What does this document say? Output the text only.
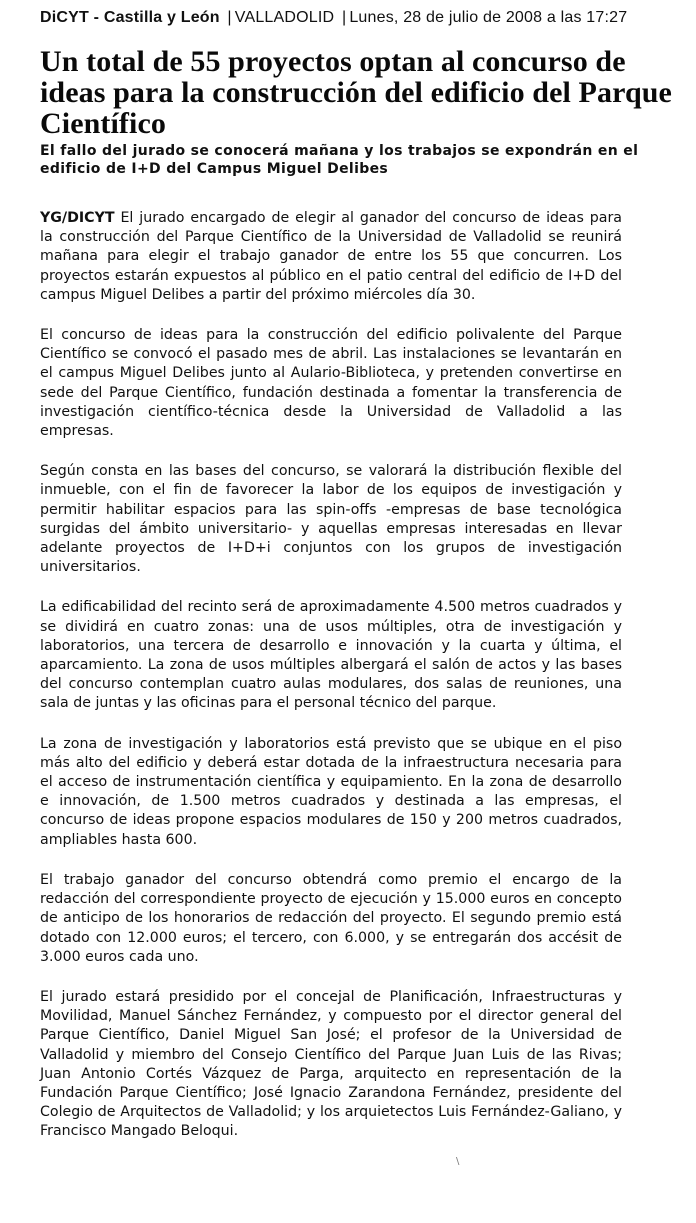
DiCYT - Castilla y León | VALLADOLID | Lunes, 28 de julio de 2008 a las 17:27
Un total de 55 proyectos optan al concurso de ideas para la construcción del edificio del Parque Científico
El fallo del jurado se conocerá mañana y los trabajos se expondrán en el edificio de I+D del Campus Miguel Delibes

YG/DICYT El jurado encargado de elegir al ganador del concurso de ideas para la construcción del Parque Científico de la Universidad de Valladolid se reunirá mañana para elegir el trabajo ganador de entre los 55 que concurren. Los proyectos estarán expuestos al público en el patio central del edificio de I+D del campus Miguel Delibes a partir del próximo miércoles día 30.

El concurso de ideas para la construcción del edificio polivalente del Parque Científico se convocó el pasado mes de abril. Las instalaciones se levantarán en el campus Miguel Delibes junto al Aulario-Biblioteca, y pretenden convertirse en sede del Parque Científico, fundación destinada a fomentar la transferencia de investigación científico-técnica desde la Universidad de Valladolid a las empresas.

Según consta en las bases del concurso, se valorará la distribución flexible del inmueble, con el fin de favorecer la labor de los equipos de investigación y permitir habilitar espacios para las spin-offs -empresas de base tecnológica surgidas del ámbito universitario- y aquellas empresas interesadas en llevar adelante proyectos de I+D+i conjuntos con los grupos de investigación universitarios.

La edificabilidad del recinto será de aproximadamente 4.500 metros cuadrados y se dividirá en cuatro zonas: una de usos múltiples, otra de investigación y laboratorios, una tercera de desarrollo e innovación y la cuarta y última, el aparcamiento. La zona de usos múltiples albergará el salón de actos y las bases del concurso contemplan cuatro aulas modulares, dos salas de reuniones, una sala de juntas y las oficinas para el personal técnico del parque.

La zona de investigación y laboratorios está previsto que se ubique en el piso más alto del edificio y deberá estar dotada de la infraestructura necesaria para el acceso de instrumentación científica y equipamiento. En la zona de desarrollo e innovación, de 1.500 metros cuadrados y destinada a las empresas, el concurso de ideas propone espacios modulares de 150 y 200 metros cuadrados, ampliables hasta 600.

El trabajo ganador del concurso obtendrá como premio el encargo de la redacción del correspondiente proyecto de ejecución y 15.000 euros en concepto de anticipo de los honorarios de redacción del proyecto. El segundo premio está dotado con 12.000 euros; el tercero, con 6.000, y se entregarán dos accésit de 3.000 euros cada uno.

El jurado estará presidido por el concejal de Planificación, Infraestructuras y Movilidad, Manuel Sánchez Fernández, y compuesto por el director general del Parque Científico, Daniel Miguel San José; el profesor de la Universidad de Valladolid y miembro del Consejo Científico del Parque Juan Luis de las Rivas; Juan Antonio Cortés Vázquez de Parga, arquitecto en representación de la Fundación Parque Científico; José Ignacio Zarandona Fernández, presidente del Colegio de Arquitectos de Valladolid; y los arquietectos Luis Fernández-Galiano, y Francisco Mangado Beloqui.

\
